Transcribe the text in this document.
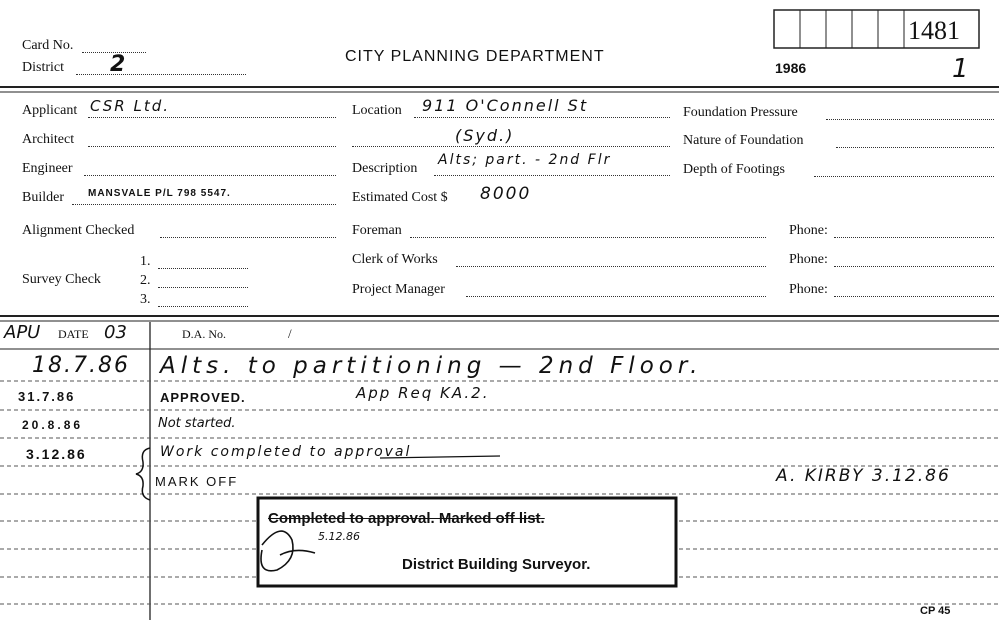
Card No.
District 2	CITY PLANNING DEPARTMENT
1986
1481
1
Applicant CSR Ltd.
Architect
Engineer
Builder MANSVALE P/L 798 5547.
Alignment Checked
Survey Check
1.
2.
3.
Location 911 O'Connell St
(Syd.)
Description
Alts; part. - 2nd Flr
Estimated Cost $ 8000
Foreman
Clerk of Works
Project Manager
Phone:
Phone:
Phone:
Foundation Pressure
Nature of Foundation
Depth of Footings
APU DATE 03	D.A. No.	/
18.7.86 Alts. to partitioning — 2nd Floor.
31.7.86	APPROVED.	App Req KA.2.
20.8.86	Not started.
3.12.86	Work completed to approval
MARK OFF	A. KIRBY 3.12.86
Completed to approval. Marked off list.
5.12.86
District Building Surveyor.
CP 45
